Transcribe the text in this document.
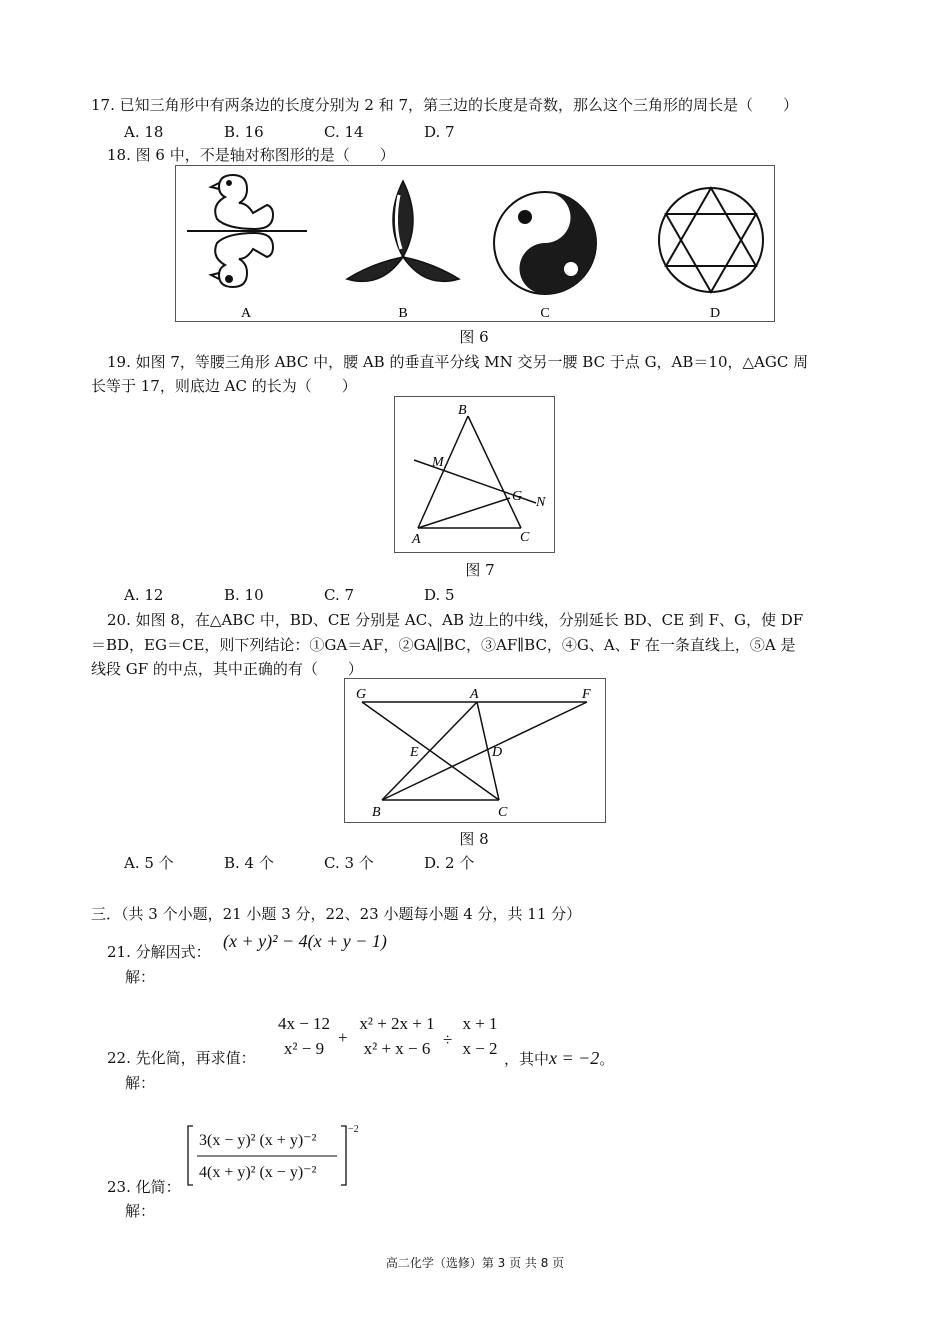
17. 已知三角形中有两条边的长度分别为 2 和 7，第三边的长度是奇数，那么这个三角形的周长是（　　）
A. 18	B. 16	C. 14	D. 7
18. 图 6 中，不是轴对称图形的是（　　）
A	B	C	D
图 6
19. 如图 7，等腰三角形 ABC 中，腰 AB 的垂直平分线 MN 交另一腰 BC 于点 G，AB＝10，△AGC 周
长等于 17，则底边 AC 的长为（　　）
B
M
G N
A	C
图 7
A. 12	B. 10	C. 7	D. 5
20. 如图 8，在△ABC 中，BD、CE 分别是 AC、AB 边上的中线，分别延长 BD、CE 到 F、G，使 DF
＝BD，EG＝CE，则下列结论：①GA＝AF，②GA∥BC，③AF∥BC，④G、A、F 在一条直线上，⑤A 是
线段 GF 的中点，其中正确的有（　　）
G	A	F
E	D
B	C
图 8
A. 5 个	B. 4 个	C. 3 个	D. 2 个
三．（共 3 个小题，21 小题 3 分，22、23 小题每小题 4 分，共 11 分）
21. 分解因式：
(x + y)² − 4(x + y − 1)
解：
22. 先化简，再求值：
4x − 12
x² − 9
+
x² + 2x + 1
x² + x − 6 ÷
x + 1
x − 2
，其中x = −2。
解：
23. 化简：
3(x − y)² (x + y)⁻²
4(x + y)² (x − y)⁻²
−2
解：
高二化学（选修）第 3 页 共 8 页
